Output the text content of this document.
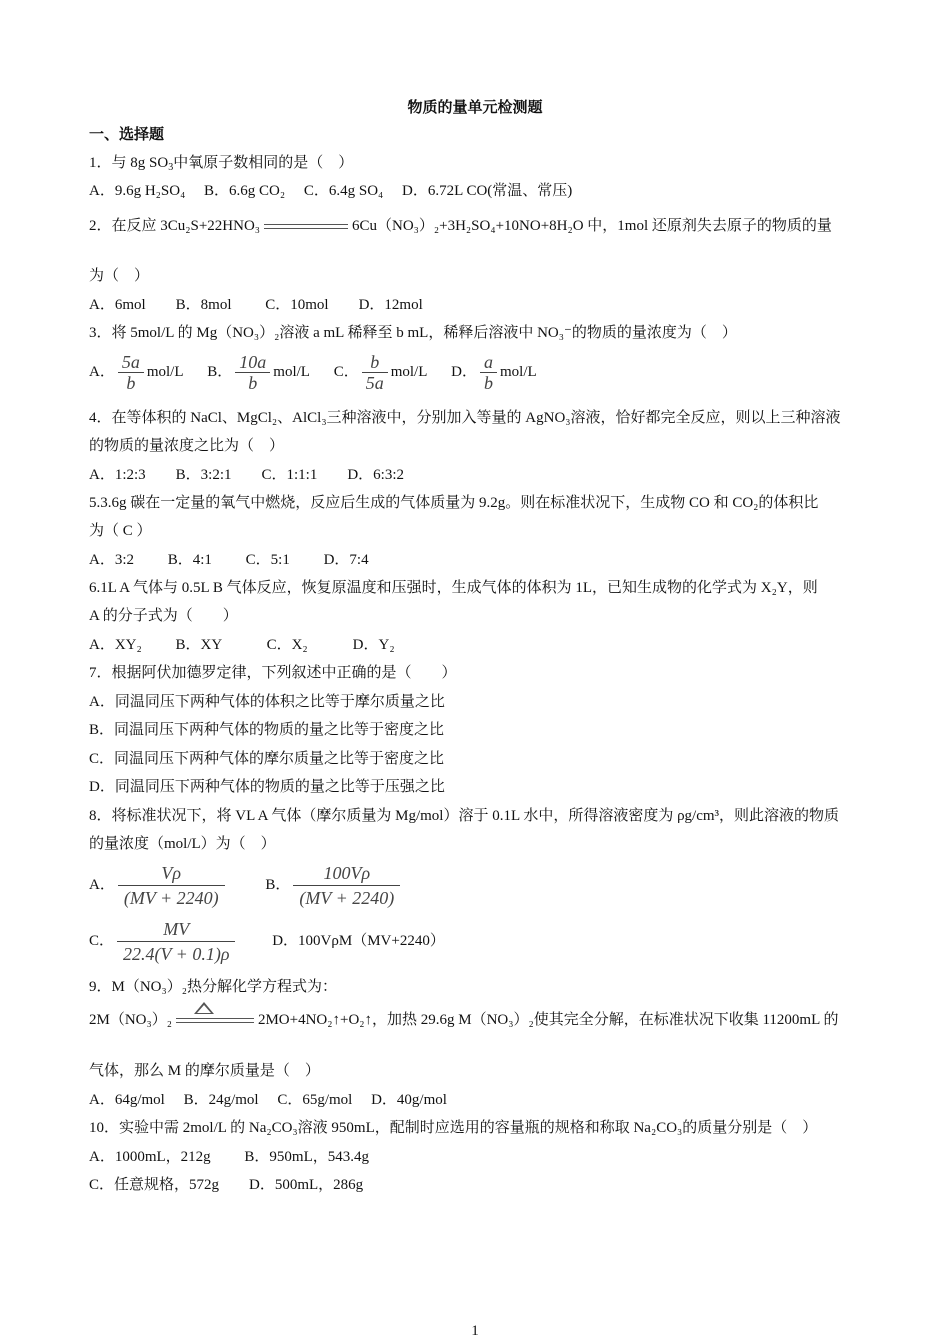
物质的量单元检测题
一、选择题
1．与 8g $SO_3$中氧原子数相同的是（　）
A．9.6g H₂SO₄　 B．6.6g CO₂　 C．6.4g SO₄　 D．6.72L CO(常温、常压)
2．在反应 3Cu₂S+22HNO₃	6Cu（NO₃）₂+3H₂SO₄+10NO+8H₂O 中，1mol 还原剂失去原子的物质的量
为（　）
A．6mol　　B．8mol　　 C．10mol　　D．12mol
3．将 5mol/L 的 Mg（NO₃）₂溶液 a mL 稀释至 b mL，稀释后溶液中 NO₃⁻的物质的量浓度为（　）
A． $\frac{5a}{b} mol/L$ B． $\frac{10a}{b} mol/L$ C． $\frac{b}{5a} mol/L$ D． $\frac{a}{b} mol/L$
4．在等体积的 NaCl、MgCl₂、AlCl₃三种溶液中，分别加入等量的 AgNO₃溶液，恰好都完全反应，则以上三种溶液
的物质的量浓度之比为（　）
A．1:2:3　　B．3:2:1　　C．1:1:1　　D．6:3:2
5.3.6g 碳在一定量的氧气中燃烧，反应后生成的气体质量为 9.2g。则在标准状况下，生成物 CO 和 CO₂的体积比
为（ C ）
A．3:2　　 B．4:1　　 C．5:1　　 D．7:4
6.1L A 气体与 0.5L B 气体反应，恢复原温度和压强时，生成气体的体积为 1L，已知生成物的化学式为 X₂Y，则
A 的分子式为（　　）
A．XY₂　　 B．XY　　　C．X₂　　　D．Y₂
7．根据阿伏加德罗定律，下列叙述中正确的是（　　）
A．同温同压下两种气体的体积之比等于摩尔质量之比
B．同温同压下两种气体的物质的量之比等于密度之比
C．同温同压下两种气体的摩尔质量之比等于密度之比
D．同温同压下两种气体的物质的量之比等于压强之比
8．将标准状况下，将 VL A 气体（摩尔质量为 Mg/mol）溶于 0.1L 水中，所得溶液密度为 ρg/cm³，则此溶液的物质
的量浓度（mol/L）为（　）
A． $\frac{V\rho}{(MV + 2240)}$	B． $\frac{100V\rho}{(MV + 2240)}$
C． $\frac{MV}{22.4(V + 0.1)\rho}$ D．100VρM（MV+2240）
9．M（NO₃）₂热分解化学方程式为：
2M（NO₃）₂	2MO+4NO₂↑+O₂↑，加热 29.6g M（NO₃）₂使其完全分解，在标准状况下收集 11200mL 的
气体，那么 M 的摩尔质量是（　）
A．64g/mol　 B．24g/mol　 C．65g/mol　 D．40g/mol
10．实验中需 2mol/L 的 Na₂CO₃溶液 950mL，配制时应选用的容量瓶的规格和称取 Na₂CO₃的质量分别是（　）
A．1000mL，212g　　 B．950mL，543.4g
C．任意规格，572g　　D．500mL，286g
1
